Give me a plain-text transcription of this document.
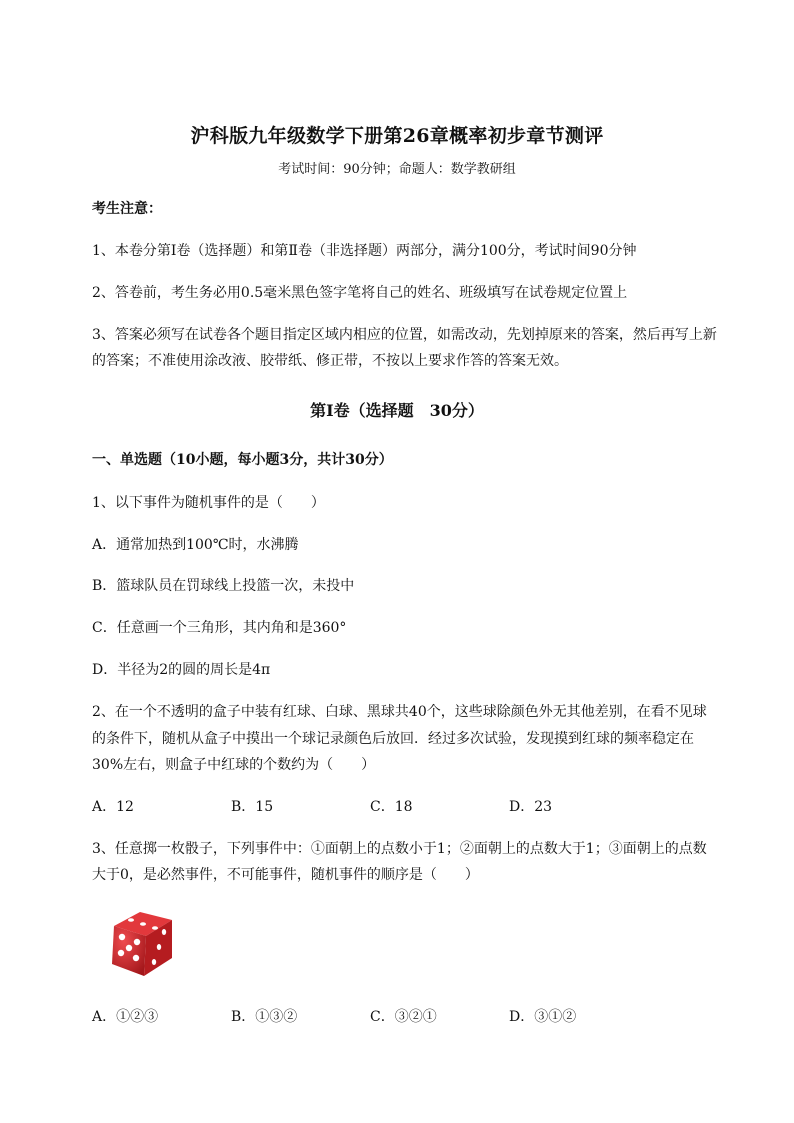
沪科版九年级数学下册第26章概率初步章节测评
考试时间：90分钟；命题人：数学教研组
考生注意：
1、本卷分第I卷（选择题）和第Ⅱ卷（非选择题）两部分，满分100分，考试时间90分钟
2、答卷前，考生务必用0.5毫米黑色签字笔将自己的姓名、班级填写在试卷规定位置上
3、答案必须写在试卷各个题目指定区域内相应的位置，如需改动，先划掉原来的答案，然后再写上新
的答案；不准使用涂改液、胶带纸、修正带，不按以上要求作答的答案无效。
第I卷（选择题　30分）
一、单选题（10小题，每小题3分，共计30分）
1、以下事件为随机事件的是（　　）
A．通常加热到100℃时，水沸腾
B．篮球队员在罚球线上投篮一次，未投中
C．任意画一个三角形，其内角和是360°
D．半径为2的圆的周长是4π
2、在一个不透明的盒子中装有红球、白球、黑球共40个，这些球除颜色外无其他差别，在看不见球
的条件下，随机从盒子中摸出一个球记录颜色后放回．经过多次试验，发现摸到红球的频率稳定在
30%左右，则盒子中红球的个数约为（　　）
A．12	B．15	C．18	D．23
3、任意掷一枚骰子，下列事件中：①面朝上的点数小于1；②面朝上的点数大于1；③面朝上的点数
大于0，是必然事件，不可能事件，随机事件的顺序是（　　）
A．①②③	B．①③②	C．③②①	D．③①②
